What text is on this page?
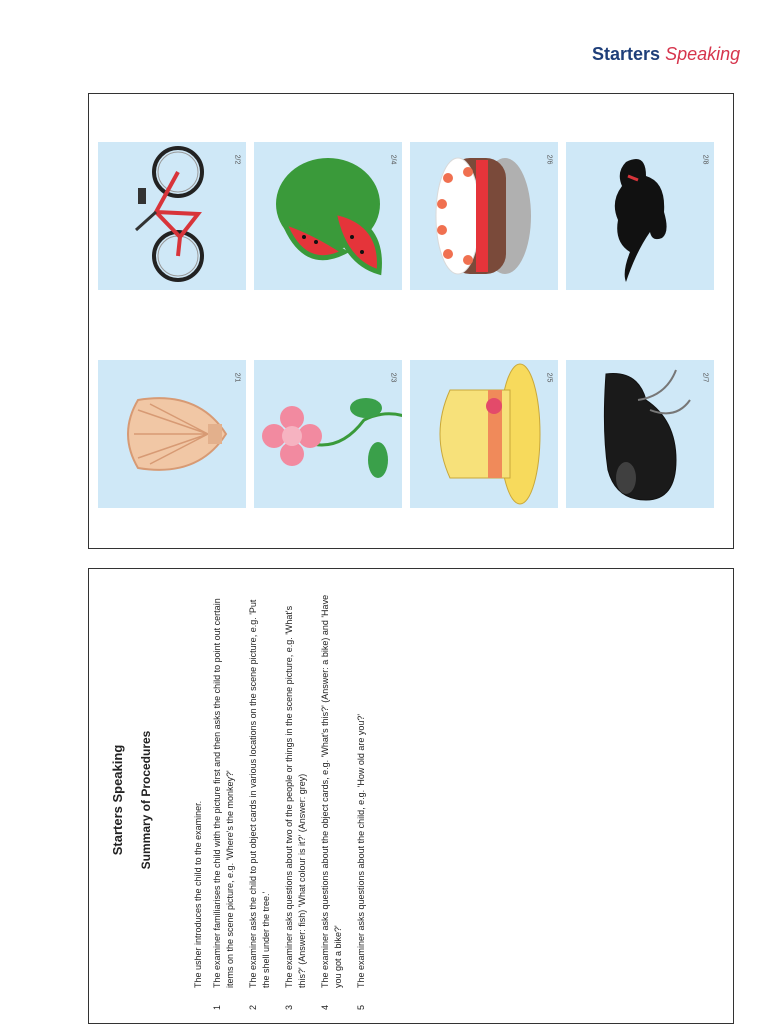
Starters Speaking
2/2	2/4	2/6	2/8
2/1	2/3	2/5	2/7
Starters Speaking Summary of Procedures
The usher introduces the child to the examiner.
1
The examiner familiarises the child with the picture first and then asks the child to point out certain items on the scene picture, e.g. 'Where's the monkey?'
2
The examiner asks the child to put object cards in various locations on the scene picture, e.g. 'Put the shell under the tree.'
3
The examiner asks questions about two of the people or things in the scene picture, e.g. 'What's this?' (Answer: fish) 'What colour is it?' (Answer: grey)
4
The examiner asks questions about the object cards, e.g. 'What's this?' (Answer: a bike) and 'Have you got a bike?'
5
The examiner asks questions about the child, e.g. 'How old are you?'
